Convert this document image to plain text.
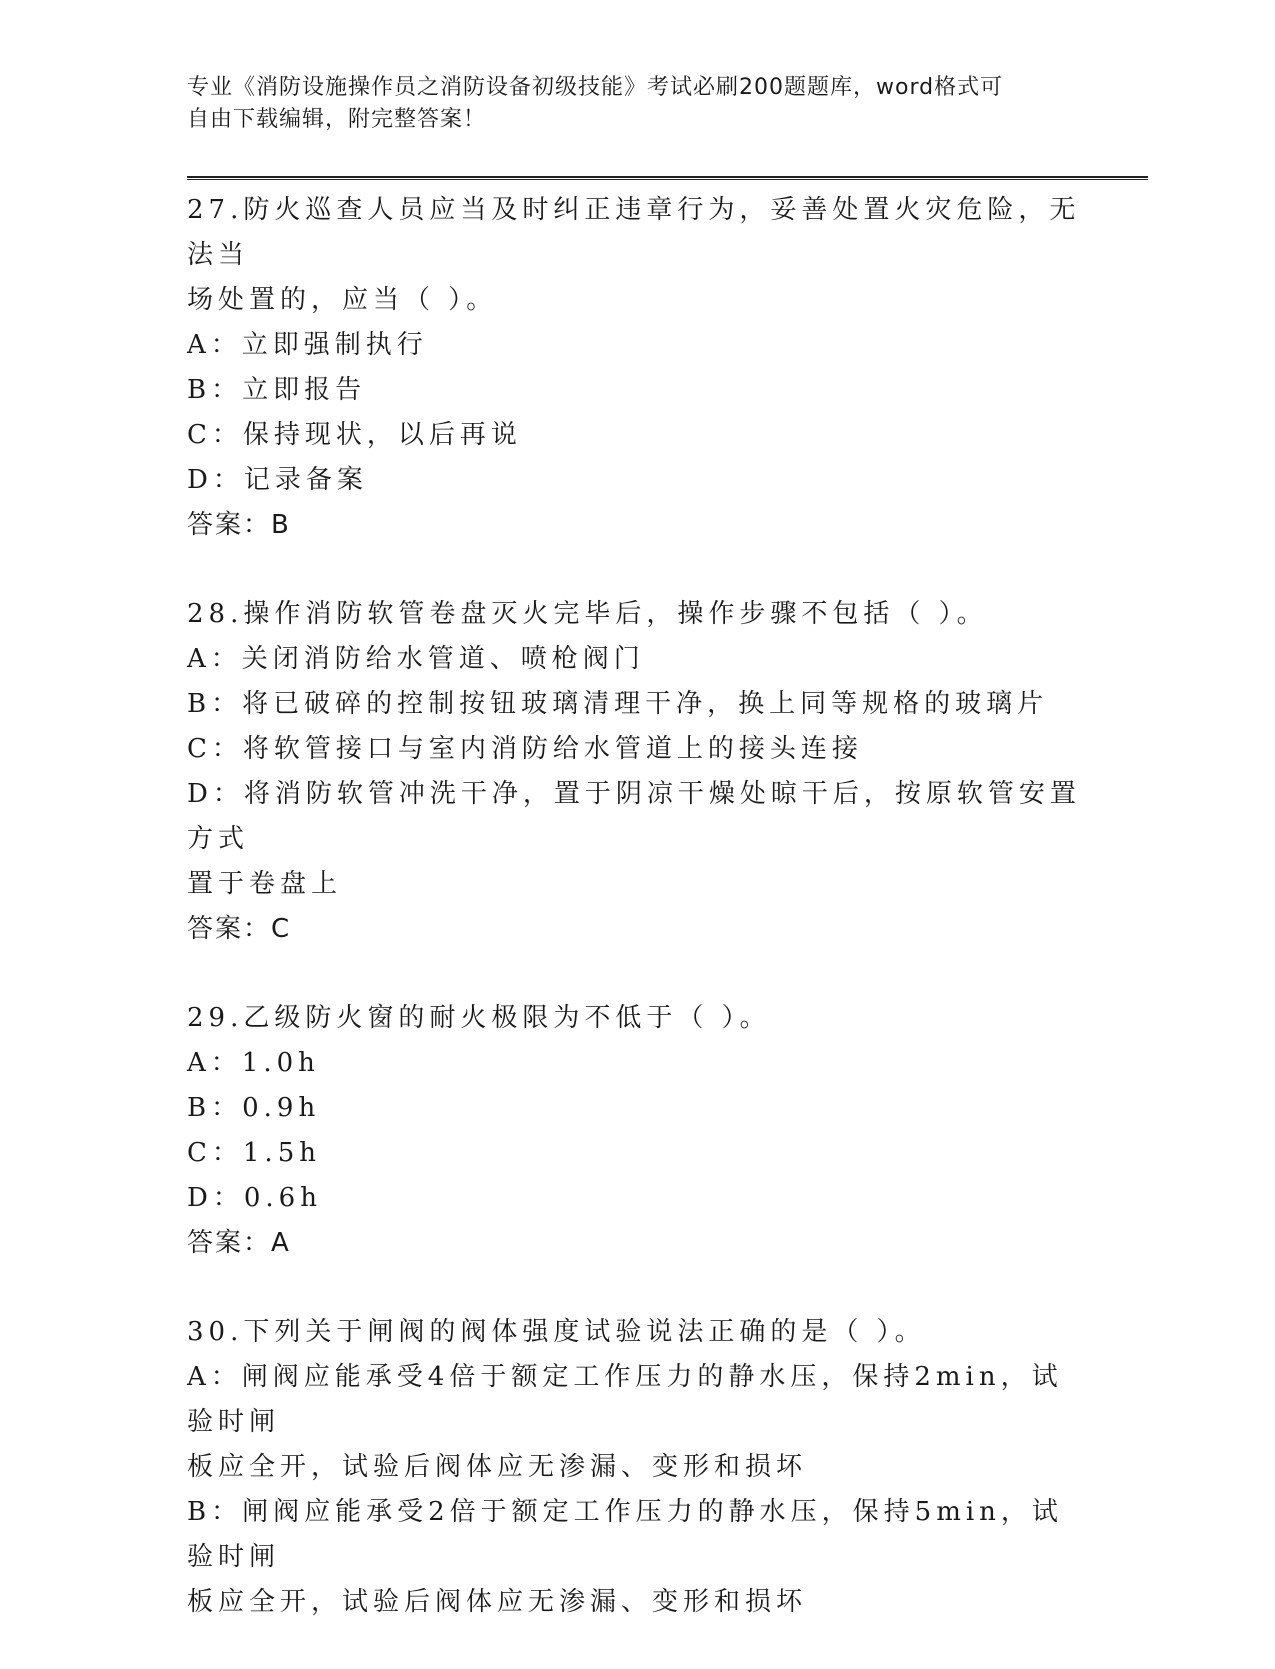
专业《消防设施操作员之消防设备初级技能》考试必刷200题题库，word格式可
自由下载编辑，附完整答案！
27.防火巡查人员应当及时纠正违章行为，妥善处置火灾危险，无法当
场处置的，应当（ ）。
A：立即强制执行
B：立即报告
C：保持现状，以后再说
D：记录备案
答案：B
28.操作消防软管卷盘灭火完毕后，操作步骤不包括（ ）。
A：关闭消防给水管道、喷枪阀门
B：将已破碎的控制按钮玻璃清理干净，换上同等规格的玻璃片
C：将软管接口与室内消防给水管道上的接头连接
D：将消防软管冲洗干净，置于阴凉干燥处晾干后，按原软管安置方式
置于卷盘上
答案：C
29.乙级防火窗的耐火极限为不低于（ ）。
A：1.0h
B：0.9h
C：1.5h
D：0.6h
答案：A
30.下列关于闸阀的阀体强度试验说法正确的是（ ）。
A：闸阀应能承受4倍于额定工作压力的静水压，保持2min，试验时闸
板应全开，试验后阀体应无渗漏、变形和损坏
B：闸阀应能承受2倍于额定工作压力的静水压，保持5min，试验时闸
板应全开，试验后阀体应无渗漏、变形和损坏
